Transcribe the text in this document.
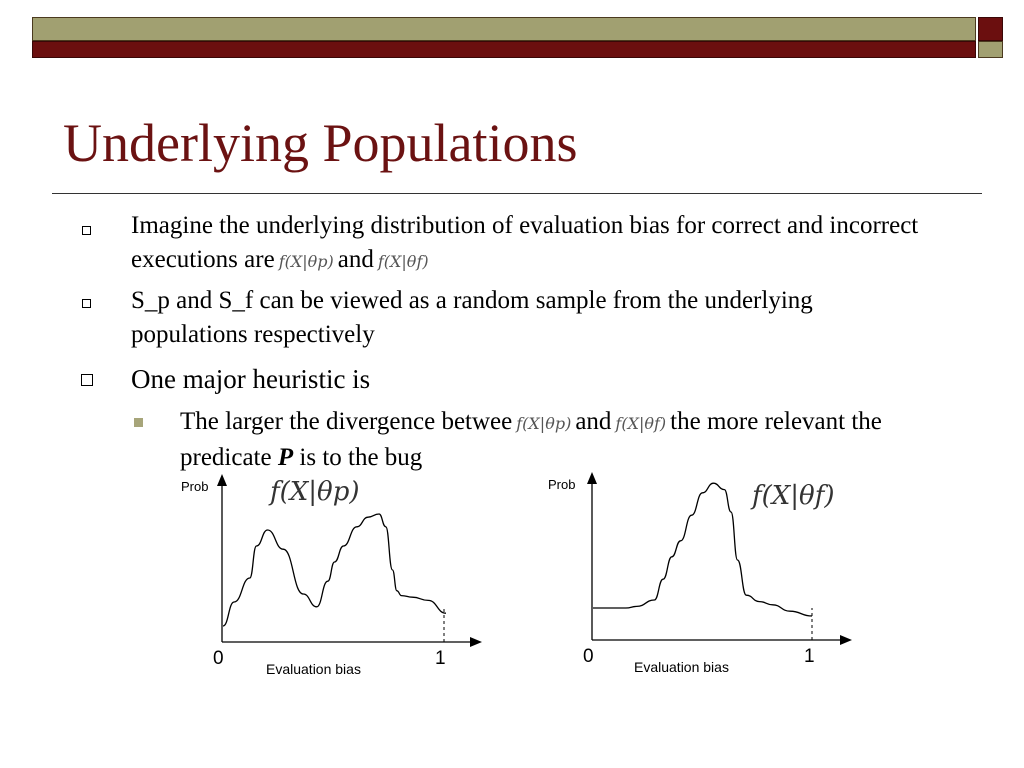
Underlying Populations
Imagine the underlying distribution of evaluation bias for correct and incorrect executions are f(X|θp) and f(X|θf)
S_p and S_f can be viewed as a random sample from the underlying populations respectively
One major heuristic is
The larger the divergence betwee f(X|θp) and f(X|θf) the more relevant the predicate P is to the bug
Prob f(X|θp)
0	1
Evaluation bias
Prob	f(X|θf)
0	1
Evaluation bias
